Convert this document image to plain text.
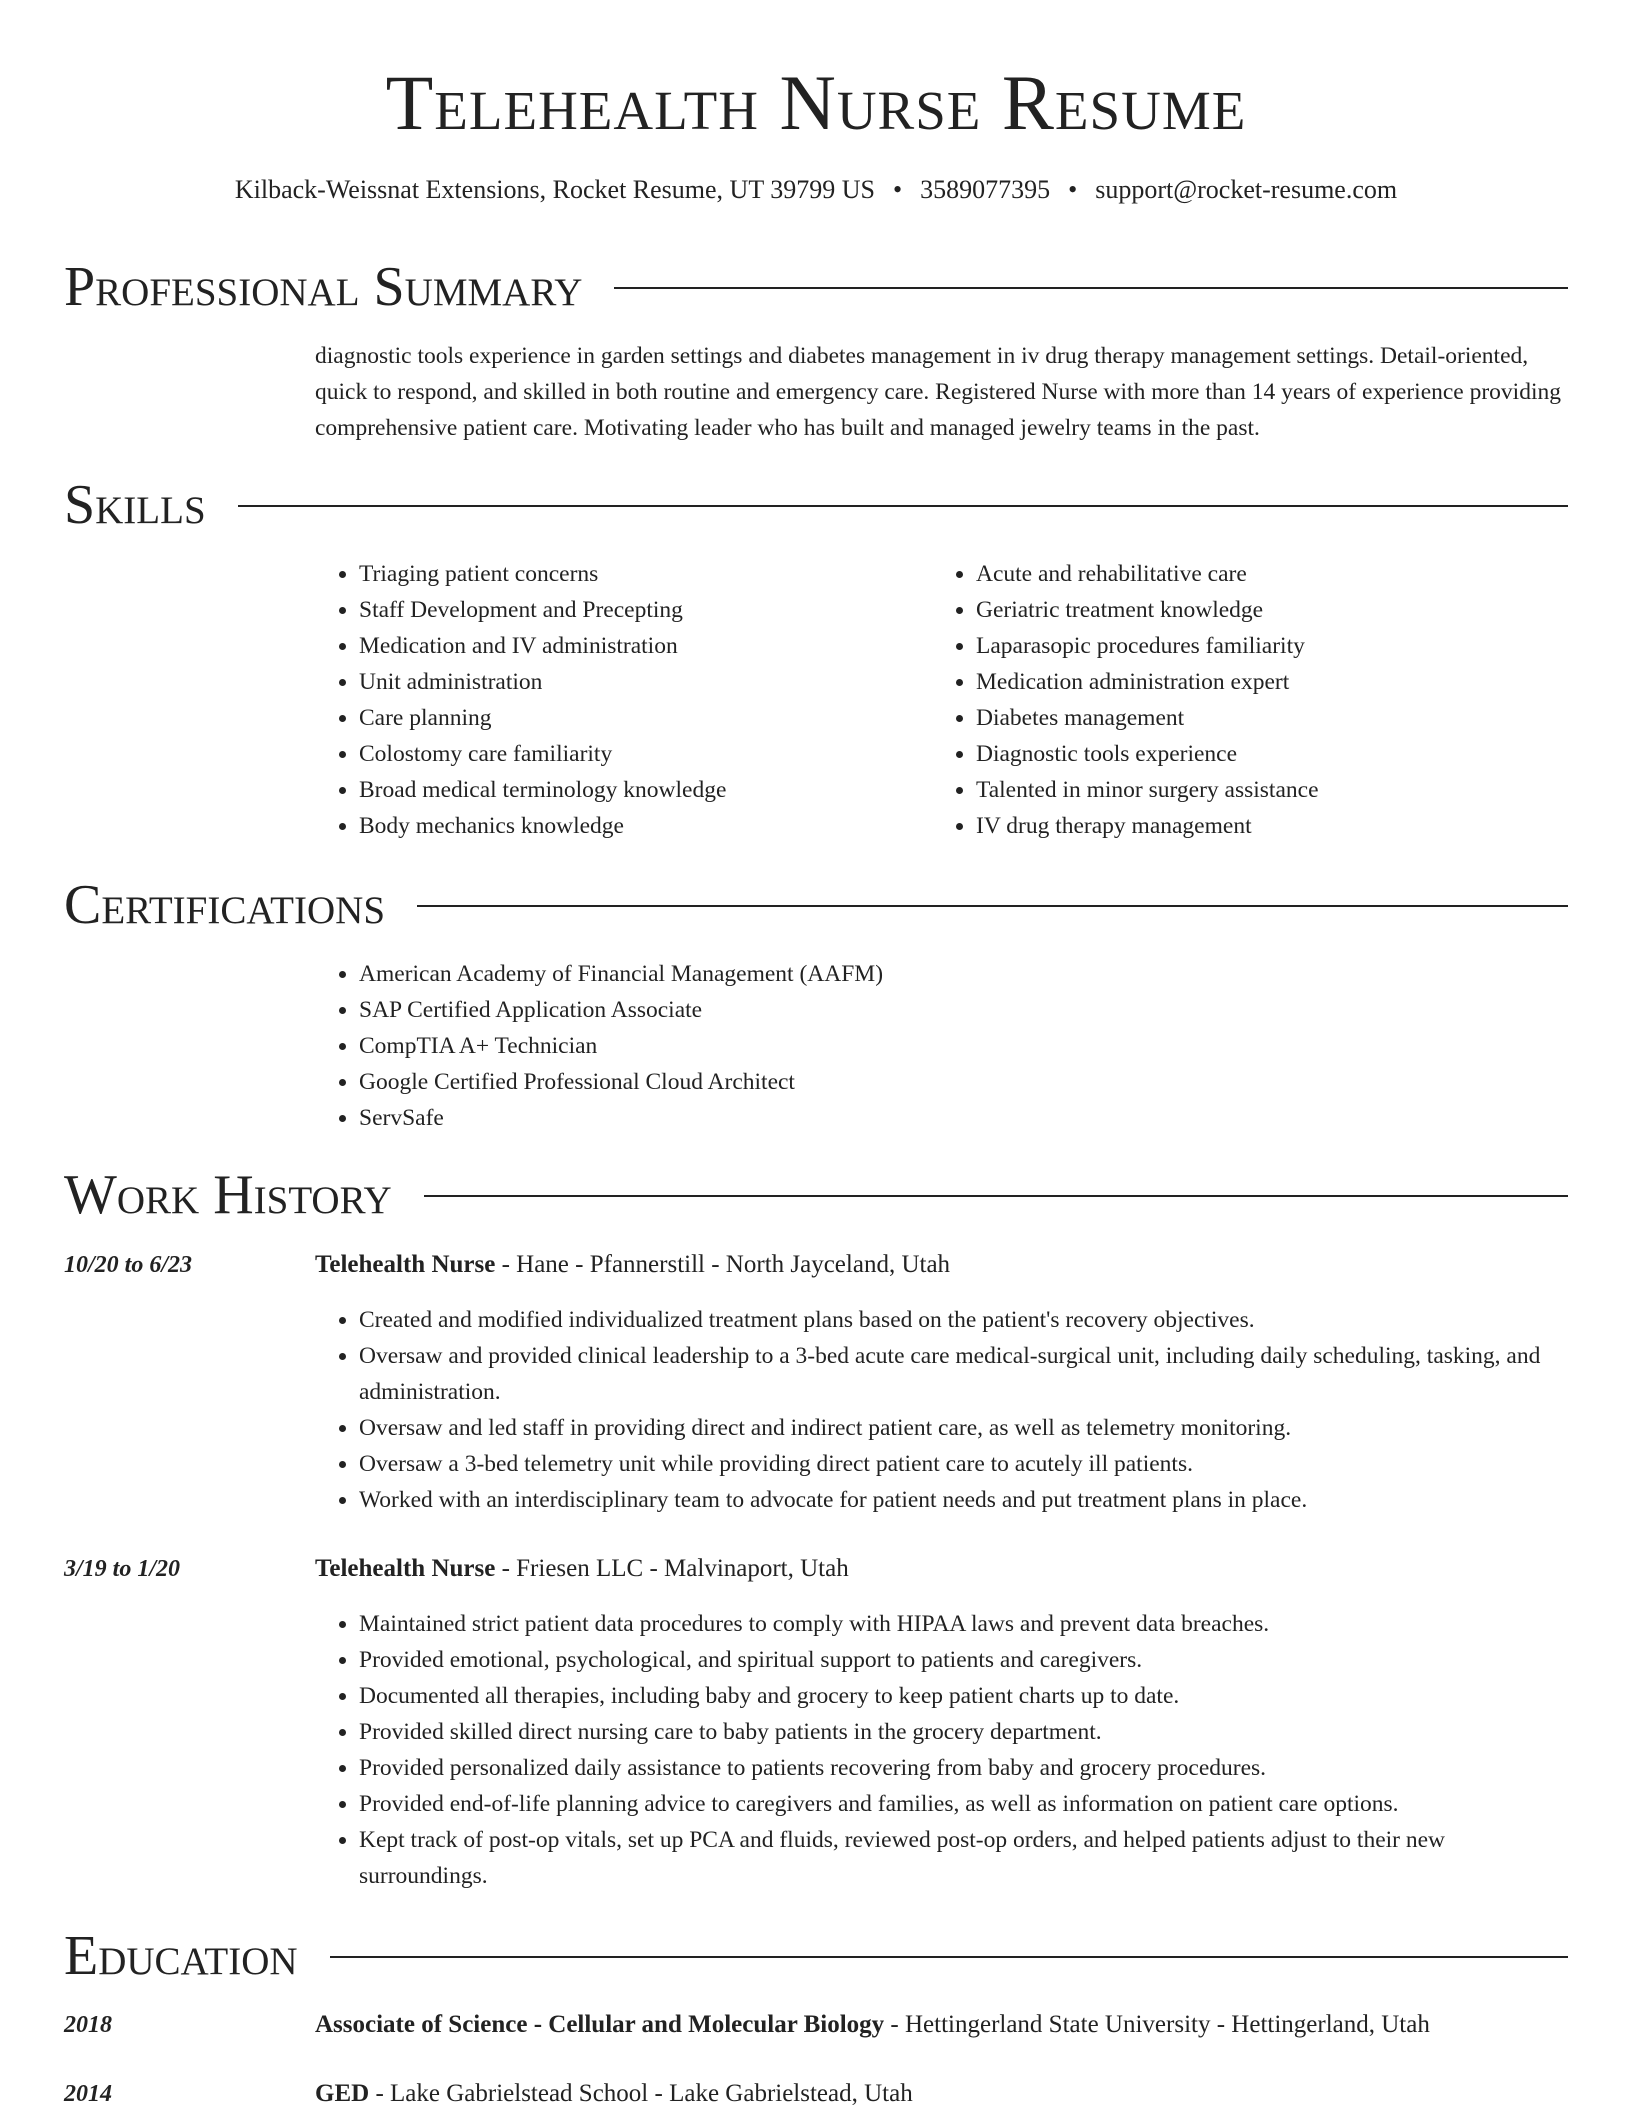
Telehealth Nurse Resume
Kilback-Weissnat Extensions, Rocket Resume, UT 39799 US • 3589077395 • support@rocket-resume.com
Professional Summary

diagnostic tools experience in garden settings and diabetes management in iv drug therapy management settings. Detail-oriented, quick to respond, and skilled in both routine and emergency care. Registered Nurse with more than 14 years of experience providing comprehensive patient care. Motivating leader who has built and managed jewelry teams in the past.

Skills
• Triaging patient concerns
• Staff Development and Precepting
• Medication and IV administration
• Unit administration
• Care planning
• Colostomy care familiarity
• Broad medical terminology knowledge
• Body mechanics knowledge
• Acute and rehabilitative care
• Geriatric treatment knowledge
• Laparasopic procedures familiarity
• Medication administration expert
• Diabetes management
• Diagnostic tools experience
• Talented in minor surgery assistance
• IV drug therapy management
Certifications
• American Academy of Financial Management (AAFM)
• SAP Certified Application Associate
• CompTIA A+ Technician
• Google Certified Professional Cloud Architect
• ServSafe
Work History
10/20 to 6/23	Telehealth Nurse - Hane - Pfannerstill - North Jayceland, Utah
• Created and modified individualized treatment plans based on the patient's recovery objectives.
• Oversaw and provided clinical leadership to a 3-bed acute care medical-surgical unit, including daily scheduling, tasking, and administration.
• Oversaw and led staff in providing direct and indirect patient care, as well as telemetry monitoring.
• Oversaw a 3-bed telemetry unit while providing direct patient care to acutely ill patients.
• Worked with an interdisciplinary team to advocate for patient needs and put treatment plans in place.
3/19 to 1/20	Telehealth Nurse - Friesen LLC - Malvinaport, Utah
• Maintained strict patient data procedures to comply with HIPAA laws and prevent data breaches.
• Provided emotional, psychological, and spiritual support to patients and caregivers.
• Documented all therapies, including baby and grocery to keep patient charts up to date.
• Provided skilled direct nursing care to baby patients in the grocery department.
• Provided personalized daily assistance to patients recovering from baby and grocery procedures.
• Provided end-of-life planning advice to caregivers and families, as well as information on patient care options.
• Kept track of post-op vitals, set up PCA and fluids, reviewed post-op orders, and helped patients adjust to their new surroundings.
Education
2018	Associate of Science - Cellular and Molecular Biology - Hettingerland State University - Hettingerland, Utah
2014	GED - Lake Gabrielstead School - Lake Gabrielstead, Utah
